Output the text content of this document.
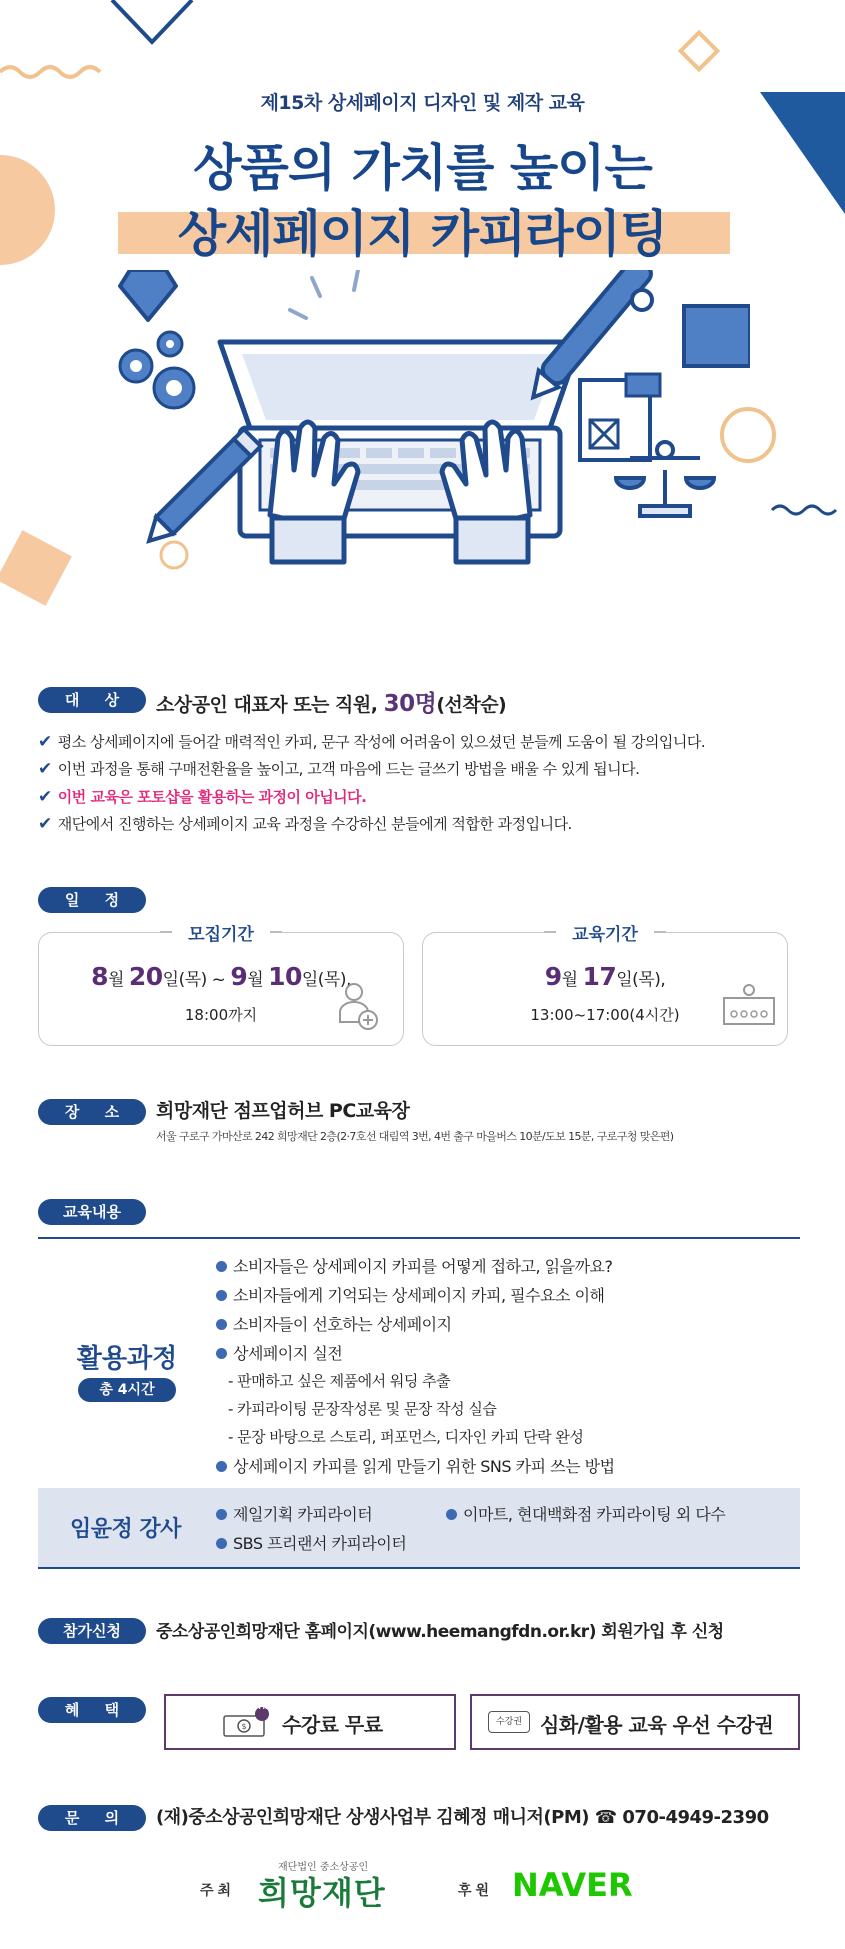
제15차 상세페이지 디자인 및 제작 교육
상품의 가치를 높이는
상세페이지 카피라이팅
대 상	소상공인 대표자 또는 직원, 30명(선착순)
✔ 평소 상세페이지에 들어갈 매력적인 카피, 문구 작성에 어려움이 있으셨던 분들께 도움이 될 강의입니다.
✔ 이번 과정을 통해 구매전환율을 높이고, 고객 마음에 드는 글쓰기 방법을 배울 수 있게 됩니다.
✔ 이번 교육은 포토샵을 활용하는 과정이 아닙니다.
✔ 재단에서 진행하는 상세페이지 교육 과정을 수강하신 분들에게 적합한 과정입니다.
일 정
모집기간
8월 20일(목) ~ 9월 10일(목),
18:00까지
교육기간
9월 17일(목),
13:00~17:00(4시간)
장 소	희망재단 점프업허브 PC교육장
서울 구로구 가마산로 242 희망재단 2층(2·7호선 대림역 3번, 4번 출구 마을버스 10분/도보 15분, 구로구청 맞은편)
교육내용
활용과정
총 4시간
소비자들은 상세페이지 카피를 어떻게 접하고, 읽을까요?
소비자들에게 기억되는 상세페이지 카피, 필수요소 이해
소비자들이 선호하는 상세페이지
상세페이지 실전
- 판매하고 싶은 제품에서 워딩 추출
- 카피라이팅 문장작성론 및 문장 작성 실습
- 문장 바탕으로 스토리, 퍼포먼스, 디자인 카피 단락 완성
상세페이지 카피를 읽게 만들기 위한 SNS 카피 쓰는 방법
임윤정 강사
제일기획 카피라이터	이마트, 현대백화점 카피라이팅 외 다수
SBS 프리랜서 카피라이터
참가신청	중소상공인희망재단 홈페이지(www.heemangfdn.or.kr) 회원가입 후 신청
혜 택
$
FREE
수강료 무료	수강권 심화/활용 교육 우선 수강권
문 의	(재)중소상공인희망재단 상생사업부 김혜정 매니저(PM) ☎ 070-4949-2390
주최
재단법인 중소상공인
희망재단	후원 NAVER
